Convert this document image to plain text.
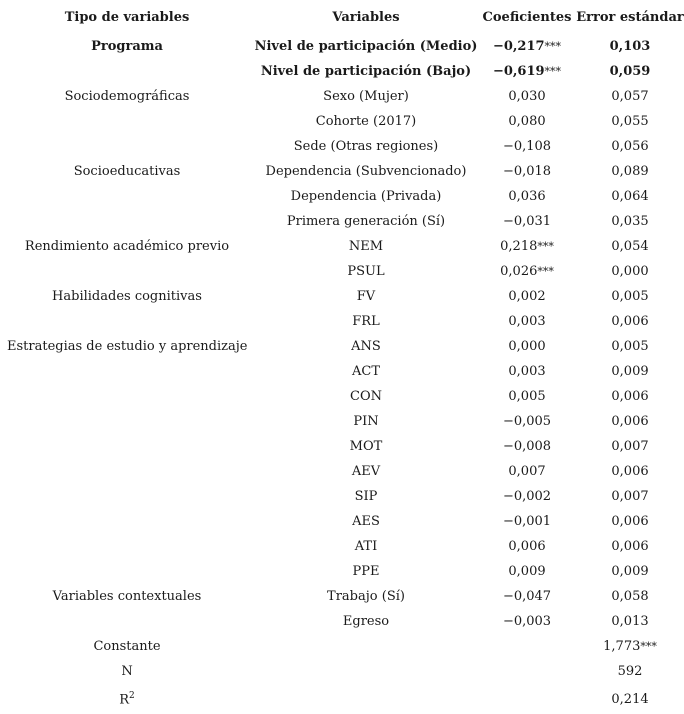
Tipo de variables	Variables	Coeficientes	Error estándar
Programa	Nivel de participación (Medio)	−0,217***	0,103
	Nivel de participación (Bajo)	−0,619***	0,059
Sociodemográficas	Sexo (Mujer)	0,030	0,057
	Cohorte (2017)	0,080	0,055
	Sede (Otras regiones)	−0,108	0,056
Socioeducativas	Dependencia (Subvencionado)	−0,018	0,089
	Dependencia (Privada)	0,036	0,064
	Primera generación (Sí)	−0,031	0,035
Rendimiento académico previo	NEM	0,218***	0,054
	PSUL	0,026***	0,000
Habilidades cognitivas	FV	0,002	0,005
	FRL	0,003	0,006
Estrategias de estudio y aprendizaje	ANS	0,000	0,005
	ACT	0,003	0,009
	CON	0,005	0,006
	PIN	−0,005	0,006
	MOT	−0,008	0,007
	AEV	0,007	0,006
	SIP	−0,002	0,007
	AES	−0,001	0,006
	ATI	0,006	0,006
	PPE	0,009	0,009
Variables contextuales	Trabajo (Sí)	−0,047	0,058
	Egreso	−0,003	0,013
Constante			1,773***
N			592
$R^2$			0,214
